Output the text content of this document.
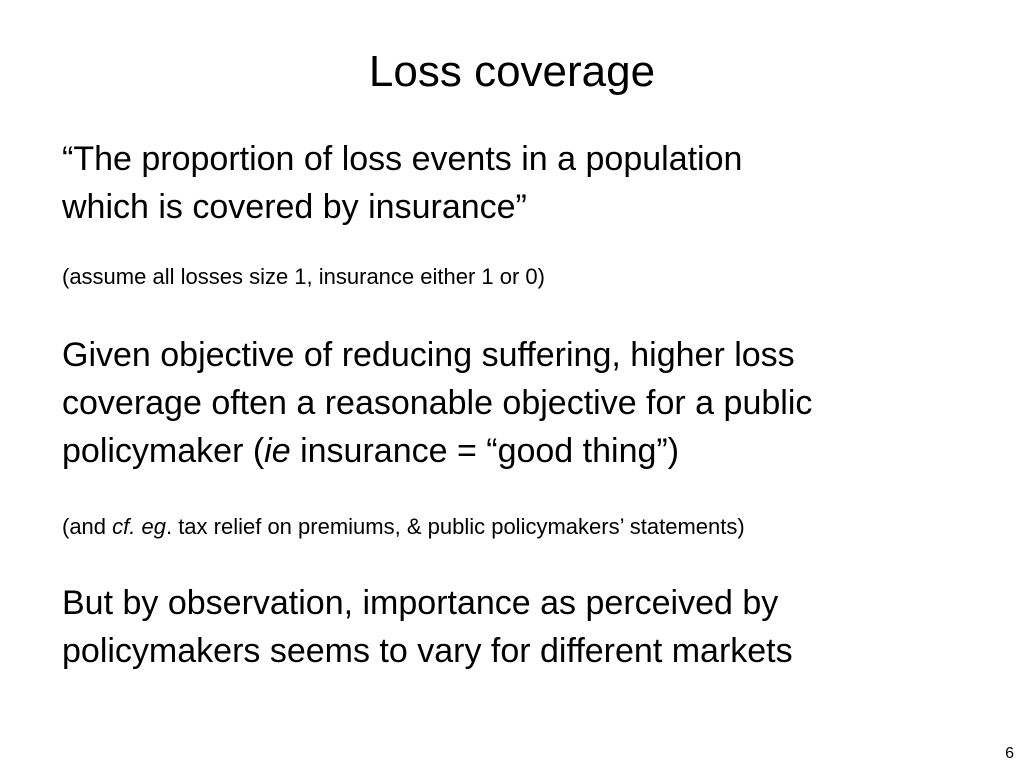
Loss coverage

“The proportion of loss events in a population
which is covered by insurance”

(assume all losses size 1, insurance either 1 or 0)

Given objective of reducing suffering, higher loss
coverage often a reasonable objective for a public
policymaker (ie insurance = “good thing”)

(and cf. eg. tax relief on premiums, & public policymakers’ statements)

But by observation, importance as perceived by
policymakers seems to vary for different markets

6
